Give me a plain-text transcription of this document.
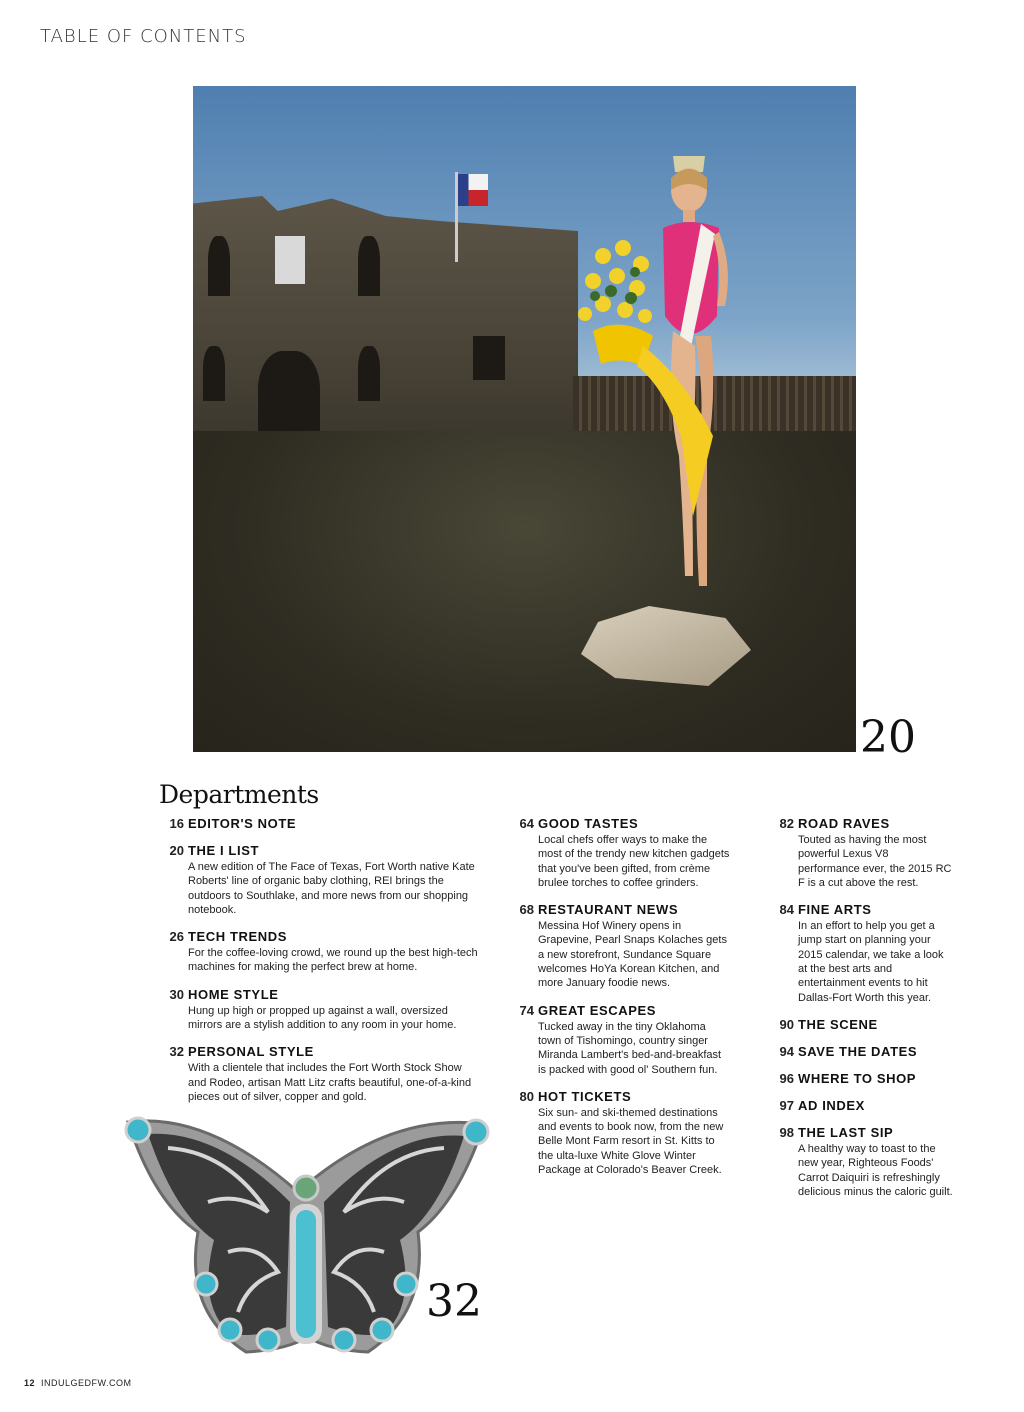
TABLE OF CONTENTS
20
Departments
16 EDITOR'S NOTE
20 THE I LIST
A new edition of The Face of Texas, Fort Worth native Kate Roberts' line of organic baby clothing, REI brings the outdoors to Southlake, and more news from our shopping notebook.
26 TECH TRENDS
For the coffee-loving crowd, we round up the best high-tech machines for making the perfect brew at home.
30 HOME STYLE
Hung up high or propped up against a wall, oversized mirrors are a stylish addition to any room in your home.
32 PERSONAL STYLE
With a clientele that includes the Fort Worth Stock Show and Rodeo, artisan Matt Litz crafts beautiful, one-of-a-kind pieces out of silver, copper and gold.
64 GOOD TASTES
Local chefs offer ways to make the most of the trendy new kitchen gadgets that you've been gifted, from crème brulee torches to coffee grinders.
68 RESTAURANT NEWS
Messina Hof Winery opens in Grapevine, Pearl Snaps Kolaches gets a new storefront, Sundance Square welcomes HoYa Korean Kitchen, and more January foodie news.
74 GREAT ESCAPES
Tucked away in the tiny Oklahoma town of Tishomingo, country singer Miranda Lambert's bed-and-breakfast is packed with good ol' Southern fun.
80 HOT TICKETS
Six sun- and ski-themed destinations and events to book now, from the new Belle Mont Farm resort in St. Kitts to the ulta-luxe White Glove Winter Package at Colorado's Beaver Creek.
82 ROAD RAVES
Touted as having the most powerful Lexus V8 performance ever, the 2015 RC F is a cut above the rest.
84 FINE ARTS
In an effort to help you get a jump start on planning your 2015 calendar, we take a look at the best arts and entertainment events to hit Dallas-Fort Worth this year.
90 THE SCENE
94 SAVE THE DATES
96 WHERE TO SHOP
97 AD INDEX
98 THE LAST SIP
A healthy way to toast to the new year, Righteous Foods' Carrot Daiquiri is refreshingly delicious minus the caloric guilt.
32
12 INDULGEDFW.COM
